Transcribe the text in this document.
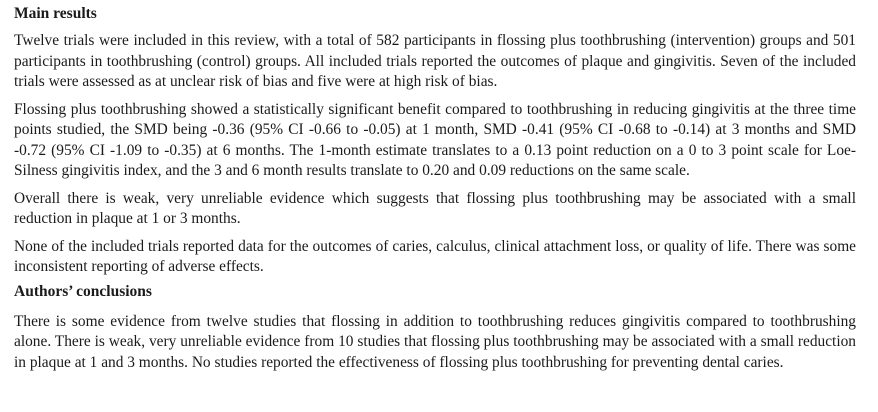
Main results

Twelve trials were included in this review, with a total of 582 participants in flossing plus toothbrushing (intervention) groups and 501 participants in toothbrushing (control) groups. All included trials reported the outcomes of plaque and gingivitis. Seven of the included trials were assessed as at unclear risk of bias and five were at high risk of bias.

Flossing plus toothbrushing showed a statistically significant benefit compared to toothbrushing in reducing gingivitis at the three time points studied, the SMD being -0.36 (95% CI -0.66 to -0.05) at 1 month, SMD -0.41 (95% CI -0.68 to -0.14) at 3 months and SMD -0.72 (95% CI -1.09 to -0.35) at 6 months. The 1-month estimate translates to a 0.13 point reduction on a 0 to 3 point scale for Loe-Silness gingivitis index, and the 3 and 6 month results translate to 0.20 and 0.09 reductions on the same scale.

Overall there is weak, very unreliable evidence which suggests that flossing plus toothbrushing may be associated with a small reduction in plaque at 1 or 3 months.

None of the included trials reported data for the outcomes of caries, calculus, clinical attachment loss, or quality of life. There was some inconsistent reporting of adverse effects.

Authors’ conclusions

There is some evidence from twelve studies that flossing in addition to toothbrushing reduces gingivitis compared to toothbrushing alone. There is weak, very unreliable evidence from 10 studies that flossing plus toothbrushing may be associated with a small reduction in plaque at 1 and 3 months. No studies reported the effectiveness of flossing plus toothbrushing for preventing dental caries.
